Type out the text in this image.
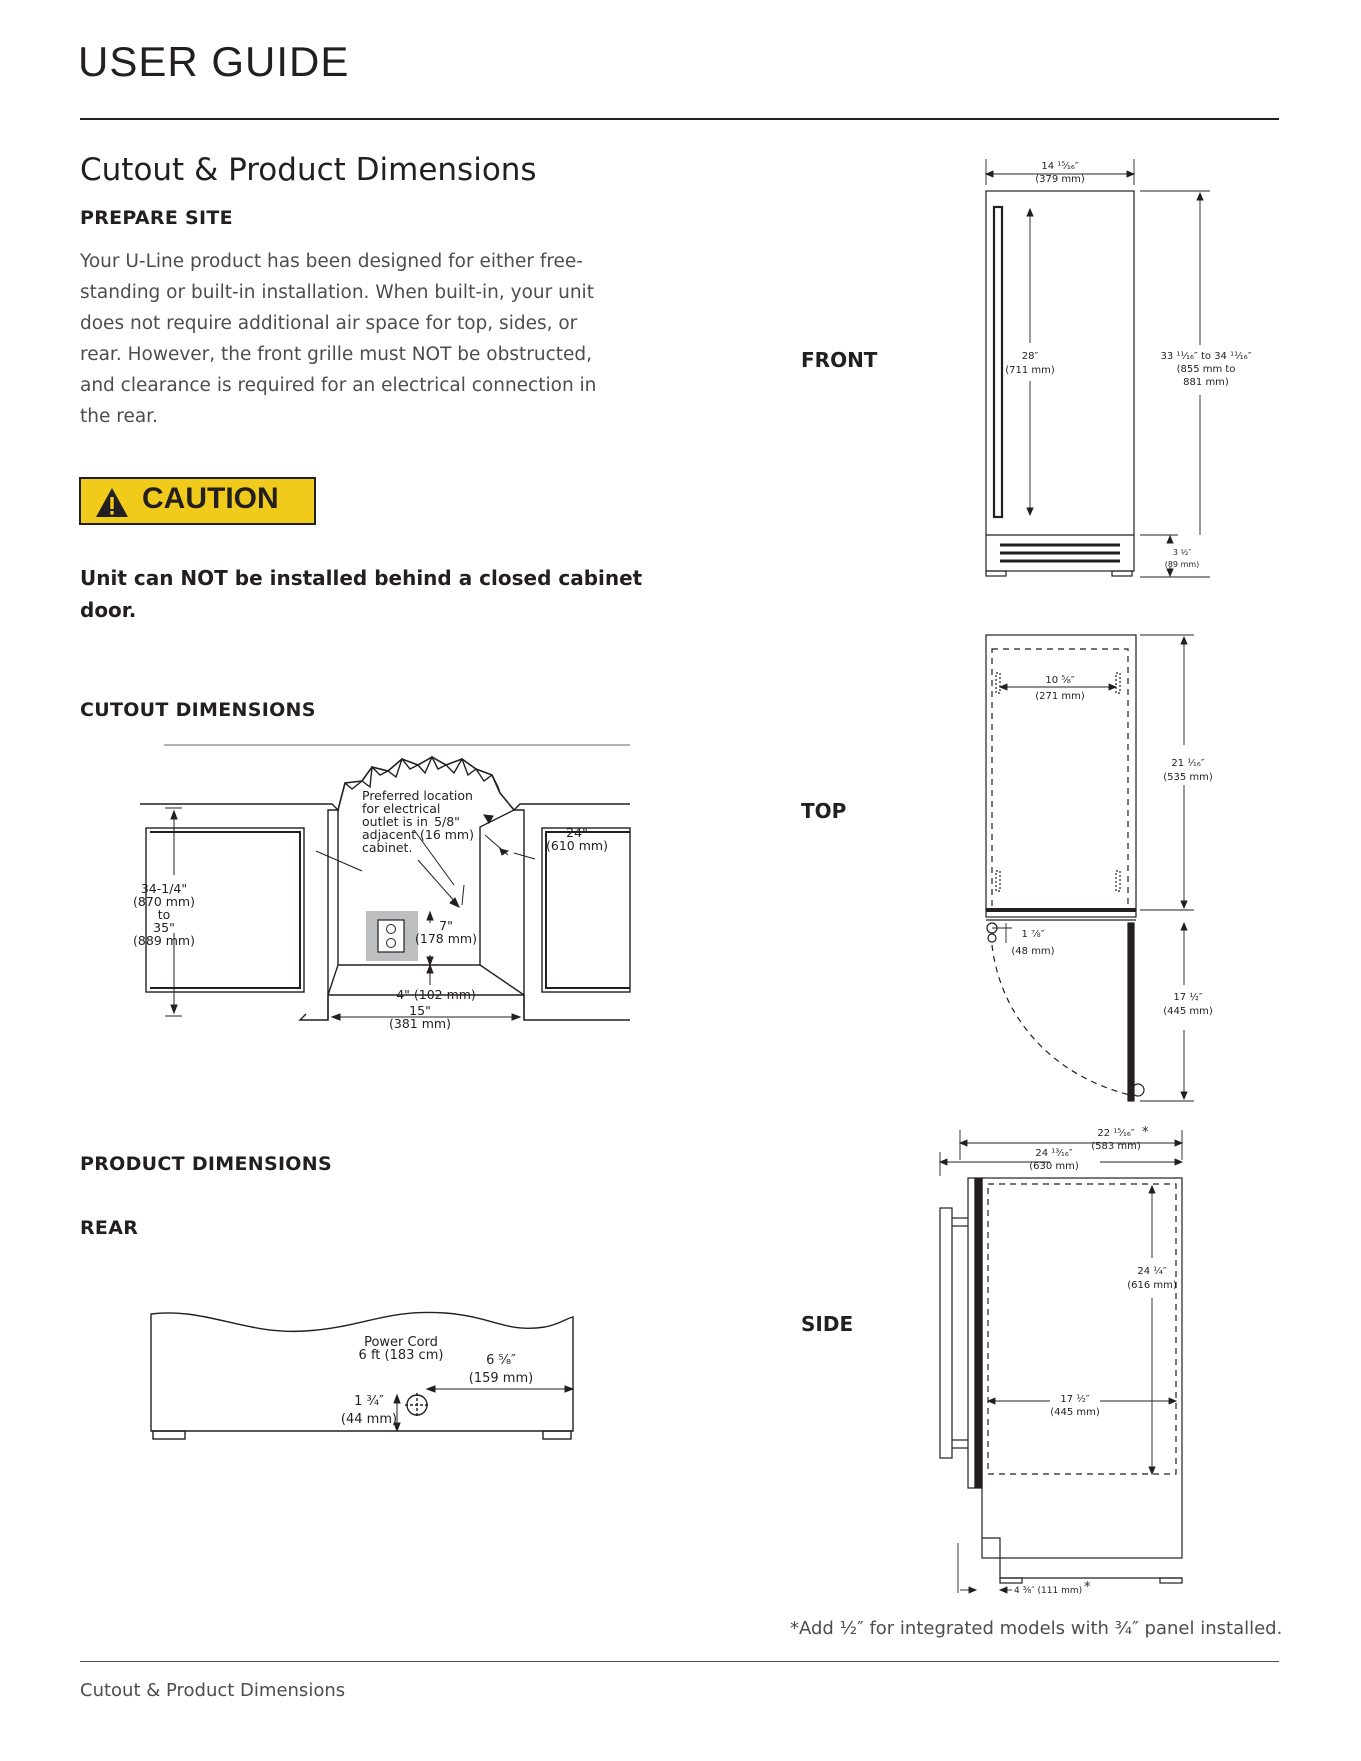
USER GUIDE
Cutout & Product Dimensions
PREPARE SITE
Your U-Line product has been designed for either free-
standing or built-in installation. When built-in, your unit
does not require additional air space for top, sides, or
rear. However, the front grille must NOT be obstructed,
and clearance is required for an electrical connection in
the rear.
CAUTION
Unit can NOT be installed behind a closed cabinet
door.
CUTOUT DIMENSIONS
Preferred location
for electrical
outlet is in
adjacent
cabinet.
5/8"
(16 mm)	24"
(610 mm)
34-1/4"
(870 mm)
to
35"
(889 mm)
7"
(178 mm)
4" (102 mm)
15"
(381 mm)
PRODUCT DIMENSIONS
REAR
Power Cord
6 ft (183 cm)	6 ⁵⁄₈″
(159 mm)
1 ¾″
(44 mm)
FRONT
TOP
SIDE
14 ¹⁵⁄₁₆″
(379 mm)
28″
(711 mm)
33 ¹¹⁄₁₆″ to 34 ¹¹⁄₁₆″
(855 mm to
881 mm)
3 ½″
(89 mm)
10 ⁵⁄₈″
(271 mm)
21 ¹⁄₁₆″
(535 mm)
1 ⅞″
(48 mm)
17 ½″
(445 mm)
22 ¹⁵⁄₁₆″
(583 mm)
*
24 ¹³⁄₁₆″
(630 mm)
24 ¹⁄₄″
(616 mm)
17 ¹⁄₂″
(445 mm)
4 ³⁄₈″ (111 mm) *
*Add ½″ for integrated models with ¾″ panel installed.
Cutout & Product Dimensions
